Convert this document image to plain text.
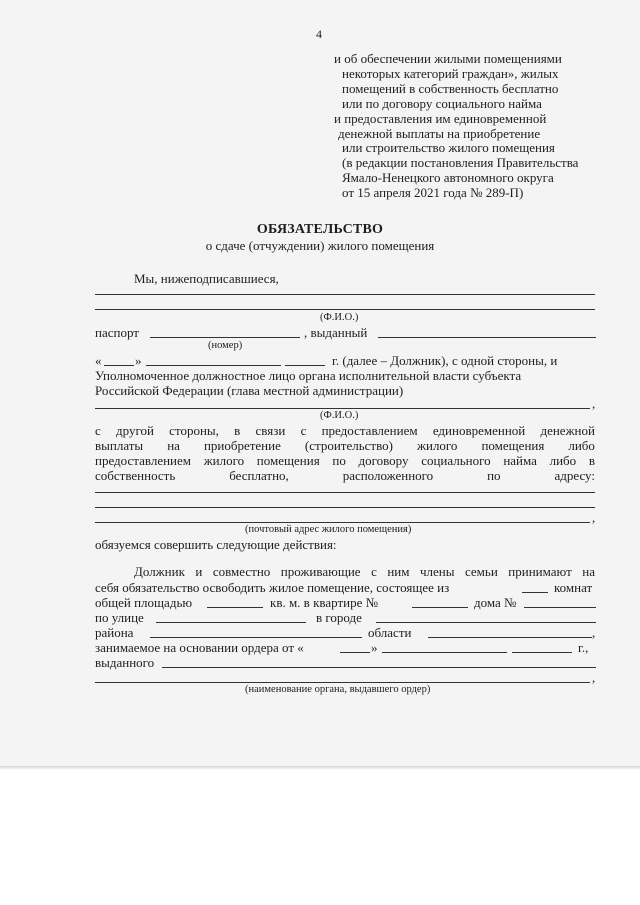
4
и об обеспечении жилыми помещениями
некоторых категорий граждан», жилых
помещений в собственность бесплатно
или по договору социального найма
и предоставления им единовременной
денежной выплаты на приобретение
или строительство жилого помещения
(в редакции постановления Правительства
Ямало-Ненецкого автономного округа
от 15 апреля 2021 года № 289-П)
ОБЯЗАТЕЛЬСТВО
о сдаче (отчуждении) жилого помещения
Мы, нижеподписавшиеся,
(Ф.И.О.)
паспорт	, выданный
(номер)
«	»	г. (далее – Должник), с одной стороны, и
Уполномоченное должностное лицо органа исполнительной власти субъекта
Российской Федерации (глава местной администрации)
,
(Ф.И.О.)
с другой стороны, в связи с предоставлением единовременной денежной
выплаты на приобретение (строительство) жилого помещения либо
предоставлением жилого помещения по договору социального найма либо в
собственность	бесплатно,	расположенного	по	адресу:
,
(почтовый адрес жилого помещения)
обязуемся совершить следующие действия:
Должник и совместно проживающие с ним члены семьи принимают на
себя обязательство освободить жилое помещение, состоящее из	комнат
общей площадью	кв. м. в квартире №	дома №
по улице	в городе
района	области	,
занимаемое на основании ордера от «	»	г.,
выданного
,
(наименование органа, выдавшего ордер)
